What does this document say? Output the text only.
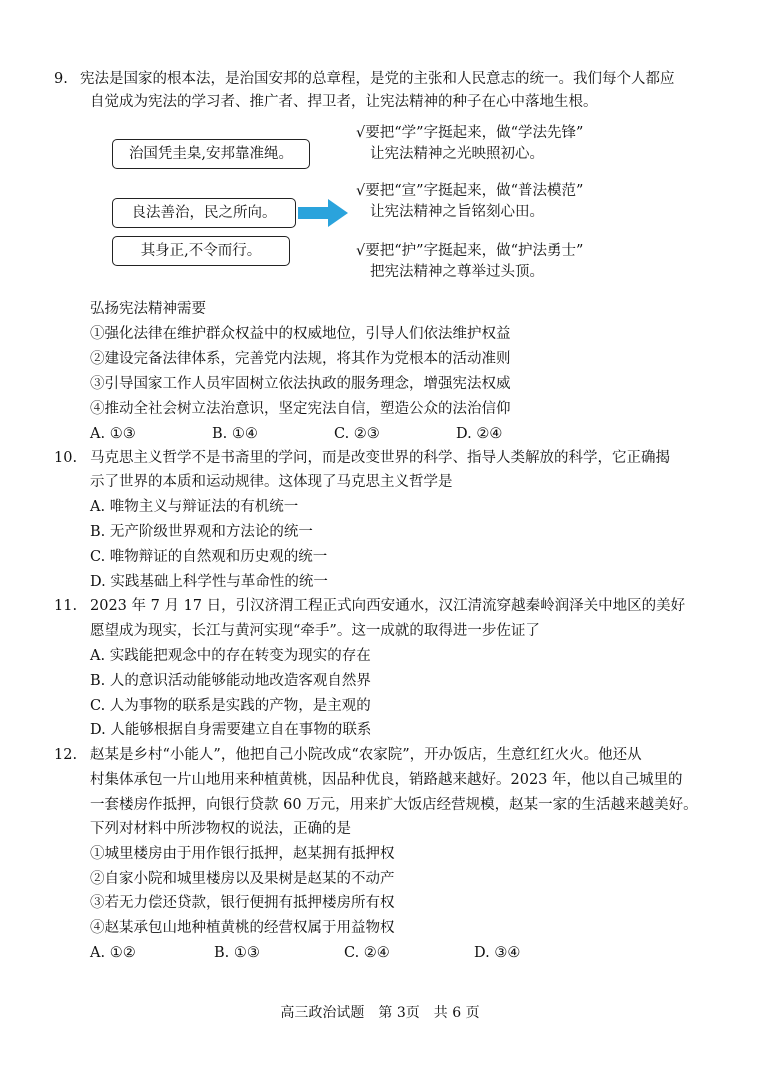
9. 宪法是国家的根本法，是治国安邦的总章程，是党的主张和人民意志的统一。我们每个人都应
自觉成为宪法的学习者、推广者、捍卫者，让宪法精神的种子在心中落地生根。
治国凭圭臬,安邦靠准绳。
良法善治，民之所向。
其身正,不令而行。
√要把“学”字挺起来，做“学法先锋”
让宪法精神之光映照初心。
√要把“宣”字挺起来，做“普法模范”
让宪法精神之旨铭刻心田。
√要把“护”字挺起来，做“护法勇士”
把宪法精神之尊举过头顶。
弘扬宪法精神需要
①强化法律在维护群众权益中的权威地位，引导人们依法维护权益
②建设完备法律体系，完善党内法规，将其作为党根本的活动准则
③引导国家工作人员牢固树立依法执政的服务理念，增强宪法权威
④推动全社会树立法治意识，坚定宪法自信，塑造公众的法治信仰
A. ①③	B. ①④	C. ②③	D. ②④
10. 马克思主义哲学不是书斋里的学问，而是改变世界的科学、指导人类解放的科学，它正确揭
示了世界的本质和运动规律。这体现了马克思主义哲学是
A. 唯物主义与辩证法的有机统一
B. 无产阶级世界观和方法论的统一
C. 唯物辩证的自然观和历史观的统一
D. 实践基础上科学性与革命性的统一
11. 2023 年 7 月 17 日，引汉济渭工程正式向西安通水，汉江清流穿越秦岭润泽关中地区的美好
愿望成为现实，长江与黄河实现“牵手”。这一成就的取得进一步佐证了
A. 实践能把观念中的存在转变为现实的存在
B. 人的意识活动能够能动地改造客观自然界
C. 人为事物的联系是实践的产物，是主观的
D. 人能够根据自身需要建立自在事物的联系
12. 赵某是乡村“小能人”，他把自己小院改成“农家院”，开办饭店，生意红红火火。他还从
村集体承包一片山地用来种植黄桃，因品种优良，销路越来越好。2023 年，他以自己城里的
一套楼房作抵押，向银行贷款 60 万元，用来扩大饭店经营规模，赵某一家的生活越来越美好。
下列对材料中所涉物权的说法，正确的是
①城里楼房由于用作银行抵押，赵某拥有抵押权
②自家小院和城里楼房以及果树是赵某的不动产
③若无力偿还贷款，银行便拥有抵押楼房所有权
④赵某承包山地种植黄桃的经营权属于用益物权
A. ①②	B. ①③	C. ②④	D. ③④
高三政治试题　第 3页　共 6 页
